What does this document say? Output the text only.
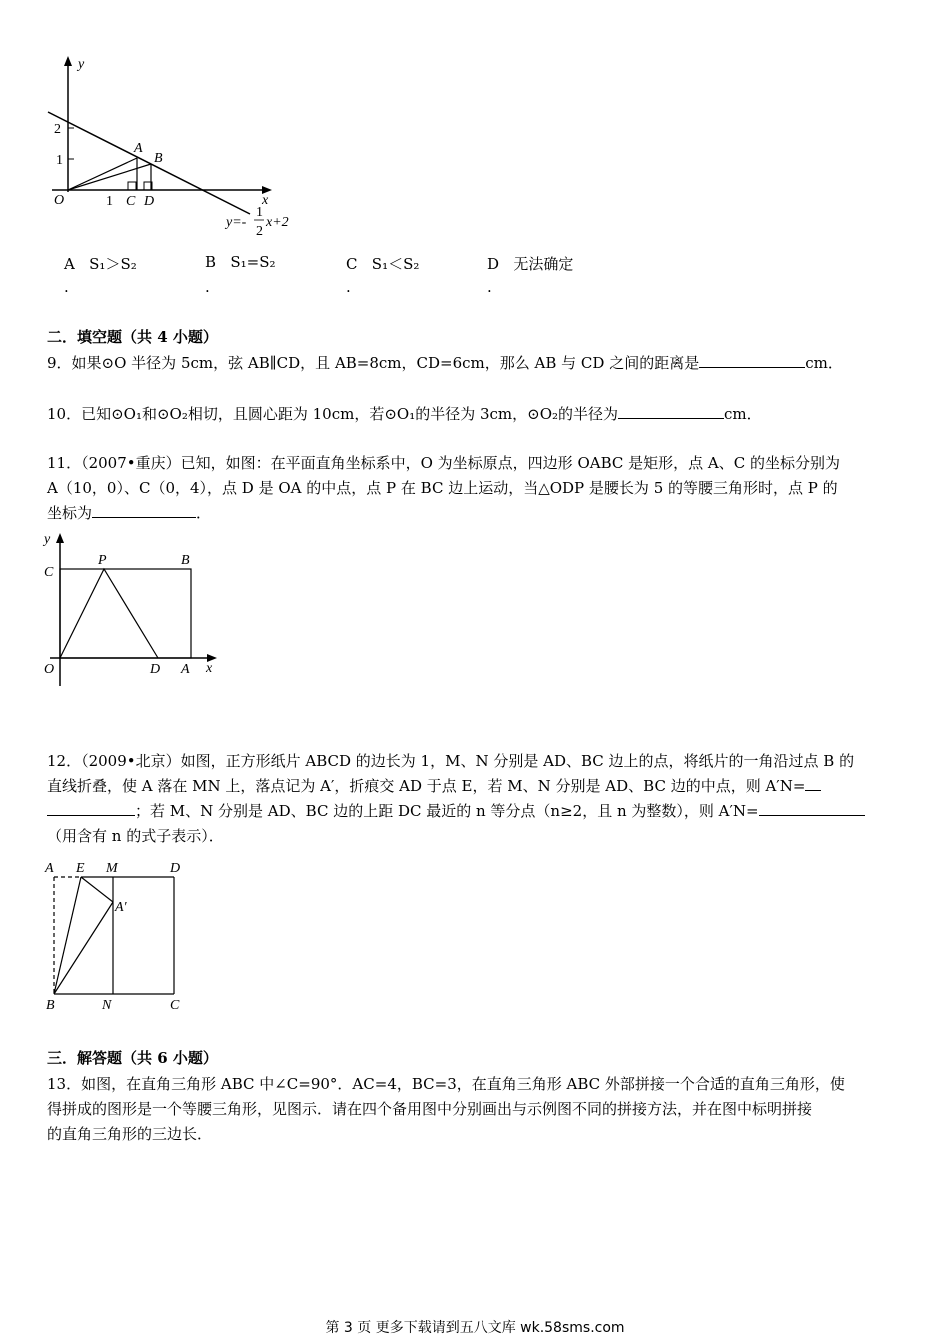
y
x
O
2
1
1
A
B
C D
y=-
1
2
x+2
A S₁＞S₂	B S₁=S₂	C S₁＜S₂	D 无法确定
.	.	.	.
二．填空题（共 4 小题）
9．如果⊙O 半径为 5cm，弦 AB∥CD，且 AB=8cm，CD=6cm，那么 AB 与 CD 之间的距离是	cm．
10．已知⊙O₁和⊙O₂相切，且圆心距为 10cm，若⊙O₁的半径为 3cm，⊙O₂的半径为	cm．
11．（2007•重庆）已知，如图：在平面直角坐标系中，O 为坐标原点，四边形 OABC 是矩形，点 A、C 的坐标分别为
A（10，0）、C（0，4），点 D 是 OA 的中点，点 P 在 BC 边上运动，当△ODP 是腰长为 5 的等腰三角形时，点 P 的
坐标为	．
y
x
O
C
P	B
D A
12．（2009•北京）如图，正方形纸片 ABCD 的边长为 1，M、N 分别是 AD、BC 边上的点，将纸片的一角沿过点 B 的
直线折叠，使 A 落在 MN 上，落点记为 A′，折痕交 AD 于点 E，若 M、N 分别是 AD、BC 边的中点，则 A′N=
；若 M、N 分别是 AD、BC 边的上距 DC 最近的 n 等分点（n≥2，且 n 为整数），则 A′N=
（用含有 n 的式子表示）．
A E M	D
A′
B	N	C
三．解答题（共 6 小题）
13．如图，在直角三角形 ABC 中∠C=90°．AC=4，BC=3，在直角三角形 ABC 外部拼接一个合适的直角三角形，使
得拼成的图形是一个等腰三角形，见图示．请在四个备用图中分别画出与示例图不同的拼接方法，并在图中标明拼接
的直角三角形的三边长．
第 3 页 更多下载请到五八文库 wk.58sms.com
